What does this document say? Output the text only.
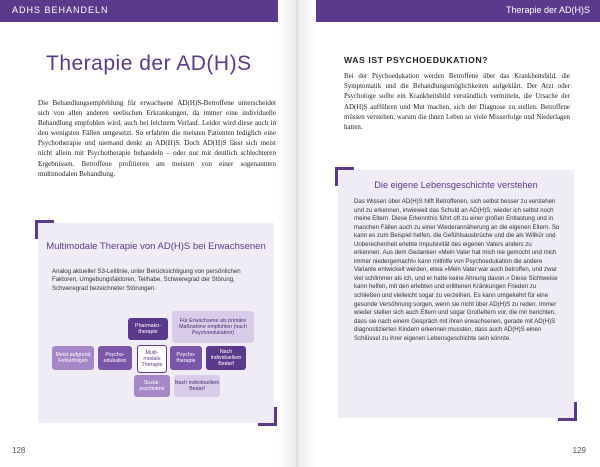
ADHS BEHANDELN	Therapie der AD(H)S
Therapie der AD(H)S
Die Behandlungsempfehlung für erwachsene AD(H)S-Betroffene unterscheidet sich von allen anderen seelischen Erkrankungen, da immer eine individuelle Behandlung empfohlen wird, auch bei leichtem Verlauf. Leider wird diese auch in den wenigsten Fällen umgesetzt. So erfahren die meisten Patienten lediglich eine Psychotherapie und niemand denkt an AD(H)S. Doch AD(H)S lässt sich meist nicht allein mit Psychotherapie behandeln – oder nur mit deutlich schlechteren Ergebnissen. Betroffene profitieren am meisten von einer sogenannten multimodalen Behandlung.
Multimodale Therapie von AD(H)S bei Erwachsenen
Analog aktueller S3-Leitlinie, unter Berücksichtigung von persönlichen Faktoren, Umgebungsfaktoren, Teilhabe, Schweregrad der Störung, Schweregrad bezeichneter Störungen.
Pharmako-therapie
Für Erwachsene als primäre Maßnahme empfohlen (nach Psychoedukation)
Psycho-edukation
Meist aufgrund Fehlerfolgen
Multi-modale Therapie
Psycho-therapie
Nach individuellem Bedarf
Sozial-psychiatrie
Nach individuellem Bedarf
128
WAS IST PSYCHOEDUKATION?
Bei der Psychoedukation werden Betroffene über das Krankheitsbild, die Symptomatik und die Behandlungsmöglichkeiten aufgeklärt. Der Arzt oder Psychologe sollte ein Krankheitsbild verständlich vermitteln, die Ursache der AD(H)S aufführen und Mut machen, sich der Diagnose zu stellen. Betroffene müssen verstehen, warum die ihnen Leben so viele Misserfolge und Niederlagen hatten.
Die eigene Lebensgeschichte verstehen
Das Wissen über AD(H)S hilft Betroffenen, sich selbst besser zu verstehen und zu erkennen, inwieweit das Schuld an AD(H)S, wieder ich selbst noch meine Eltern. Diese Erkenntnis führt oft zu einer großen Entlastung und in manchen Fällen auch zu einer Wiederannäherung an die eigenen Eltern. So kann es zum Beispiel helfen, die Gefühlsausbrüche und die als Willkür und Unberechenheit erlebte Impulsivität des eigenen Vaters anders zu erkennen. Aus dem Gedanken »Mein Vater hat mich nie gemocht und mich immer niedergemacht« kann mithilfe von Psychoedukation die andere Variante entwickelt werden, etwa »Mein Vater war auch betroffen, und zwar viel schlimmer als ich, und er hatte keine Ahnung davon.« Diese Sichtweise kann helfen, mit den erlebten und erlittenen Kränkungen Frieden zu schließen und vielleicht sogar zu verzeihen. Es kann umgekehrt für eine gesunde Versöhnung sorgen, wenn sie nicht über AD(H)S zu reden. Immer wieder stellen sich auch Eltern und sogar Großeltern vor, die mir berichten, dass sie nach einem Gespräch mit ihren erwachsenen, gerade mit AD(H)S diagnostizierten Kindern erkennen mussten, dass auch AD(H)S einen Schlüssel zu ihrer eigenen Lebensgeschichte sein könnte.
129
